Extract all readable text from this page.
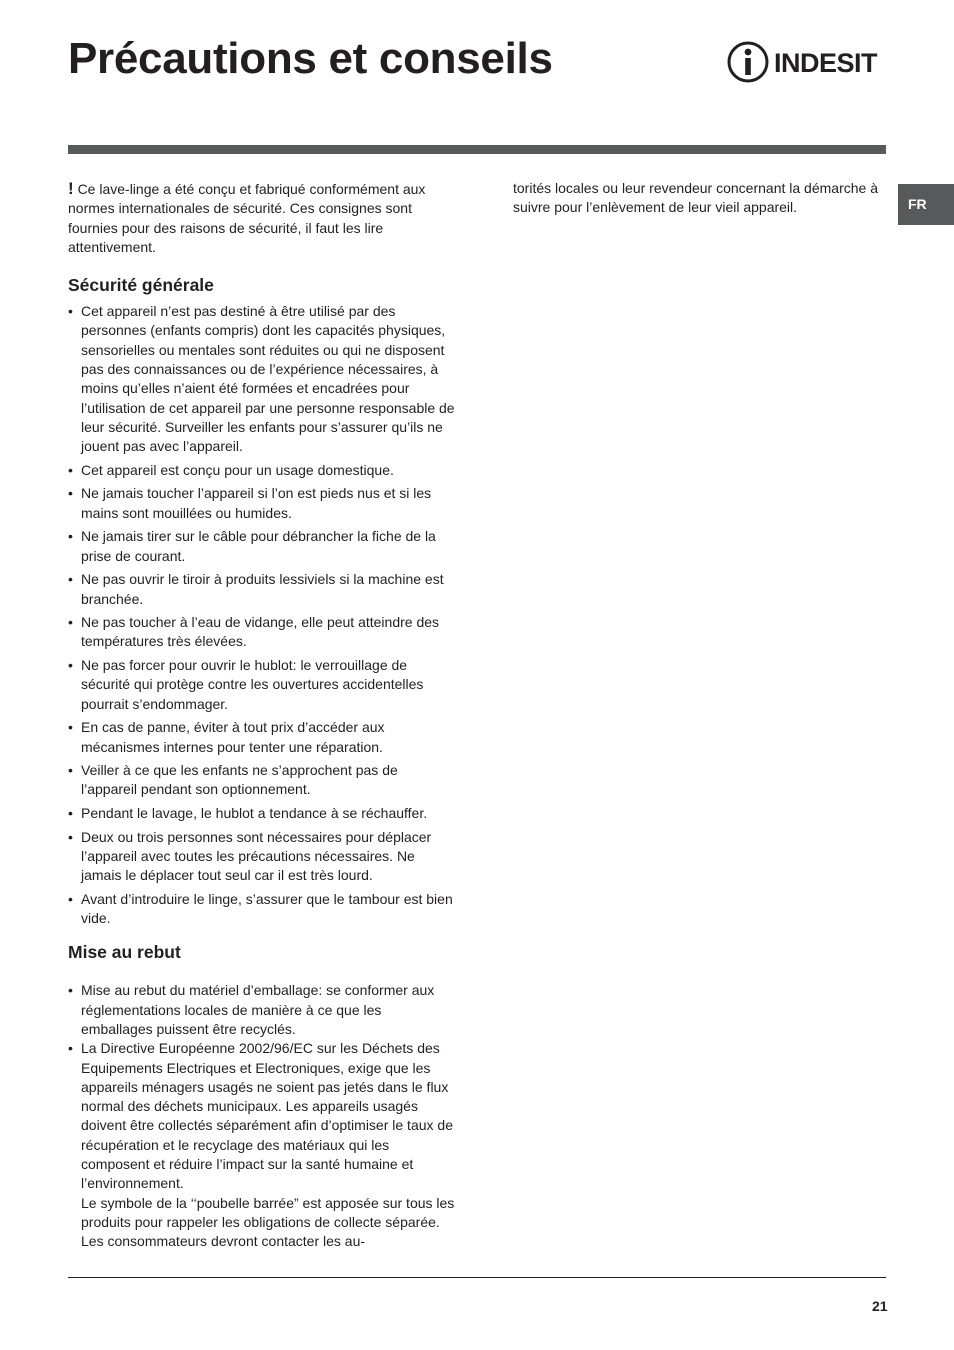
Précautions et conseils	INDESIT
FR

! Ce lave-linge a été conçu et fabriqué conformément aux normes internationales de sécurité. Ces consignes sont fournies pour des raisons de sécurité, il faut les lire attentivement.

Sécurité générale
• Cet appareil n’est pas destiné à être utilisé par des personnes (enfants compris) dont les capacités physiques, sensorielles ou mentales sont réduites ou qui ne disposent pas des connaissances ou de l’expérience nécessaires, à moins qu’elles n’aient été formées et encadrées pour l’utilisation de cet appareil par une personne responsable de leur sécurité. Surveiller les enfants pour s’assurer qu’ils ne jouent pas avec l’appareil.
• Cet appareil est conçu pour un usage domestique.
• Ne jamais toucher l’appareil si l’on est pieds nus et si les mains sont mouillées ou humides.
• Ne jamais tirer sur le câble pour débrancher la fiche de la prise de courant.
• Ne pas ouvrir le tiroir à produits lessiviels si la machine est branchée.
• Ne pas toucher à l’eau de vidange, elle peut atteindre des températures très élevées.
• Ne pas forcer pour ouvrir le hublot: le verrouillage de sécurité qui protège contre les ouvertures accidentelles pourrait s’endommager.
• En cas de panne, éviter à tout prix d’accéder aux mécanismes internes pour tenter une réparation.
• Veiller à ce que les enfants ne s’approchent pas de l’appareil pendant son optionnement.
• Pendant le lavage, le hublot a tendance à se réchauffer.
• Deux ou trois personnes sont nécessaires pour déplacer l’appareil avec toutes les précautions nécessaires. Ne jamais le déplacer tout seul car il est très lourd.
• Avant d’introduire le linge, s’assurer que le tambour est bien vide.
Mise au rebut
• Mise au rebut du matériel d’emballage: se conformer aux réglementations locales de manière à ce que les emballages puissent être recyclés.

• La Directive Européenne 2002/96/EC sur les Déchets des Equipements Electriques et Electroniques, exige que les appareils ménagers usagés ne soient pas jetés dans le flux normal des déchets municipaux. Les appareils usagés doivent être collectés séparément afin d’optimiser le taux de récupération et le recyclage des matériaux qui les composent et réduire l’impact sur la santé humaine et l’environnement.

Le symbole de la ‘‘poubelle barrée” est apposée sur tous les produits pour rappeler les obligations de collecte séparée. Les consommateurs devront contacter les au-

torités locales ou leur revendeur concernant la démarche à suivre pour l’enlèvement de leur vieil appareil.

21
